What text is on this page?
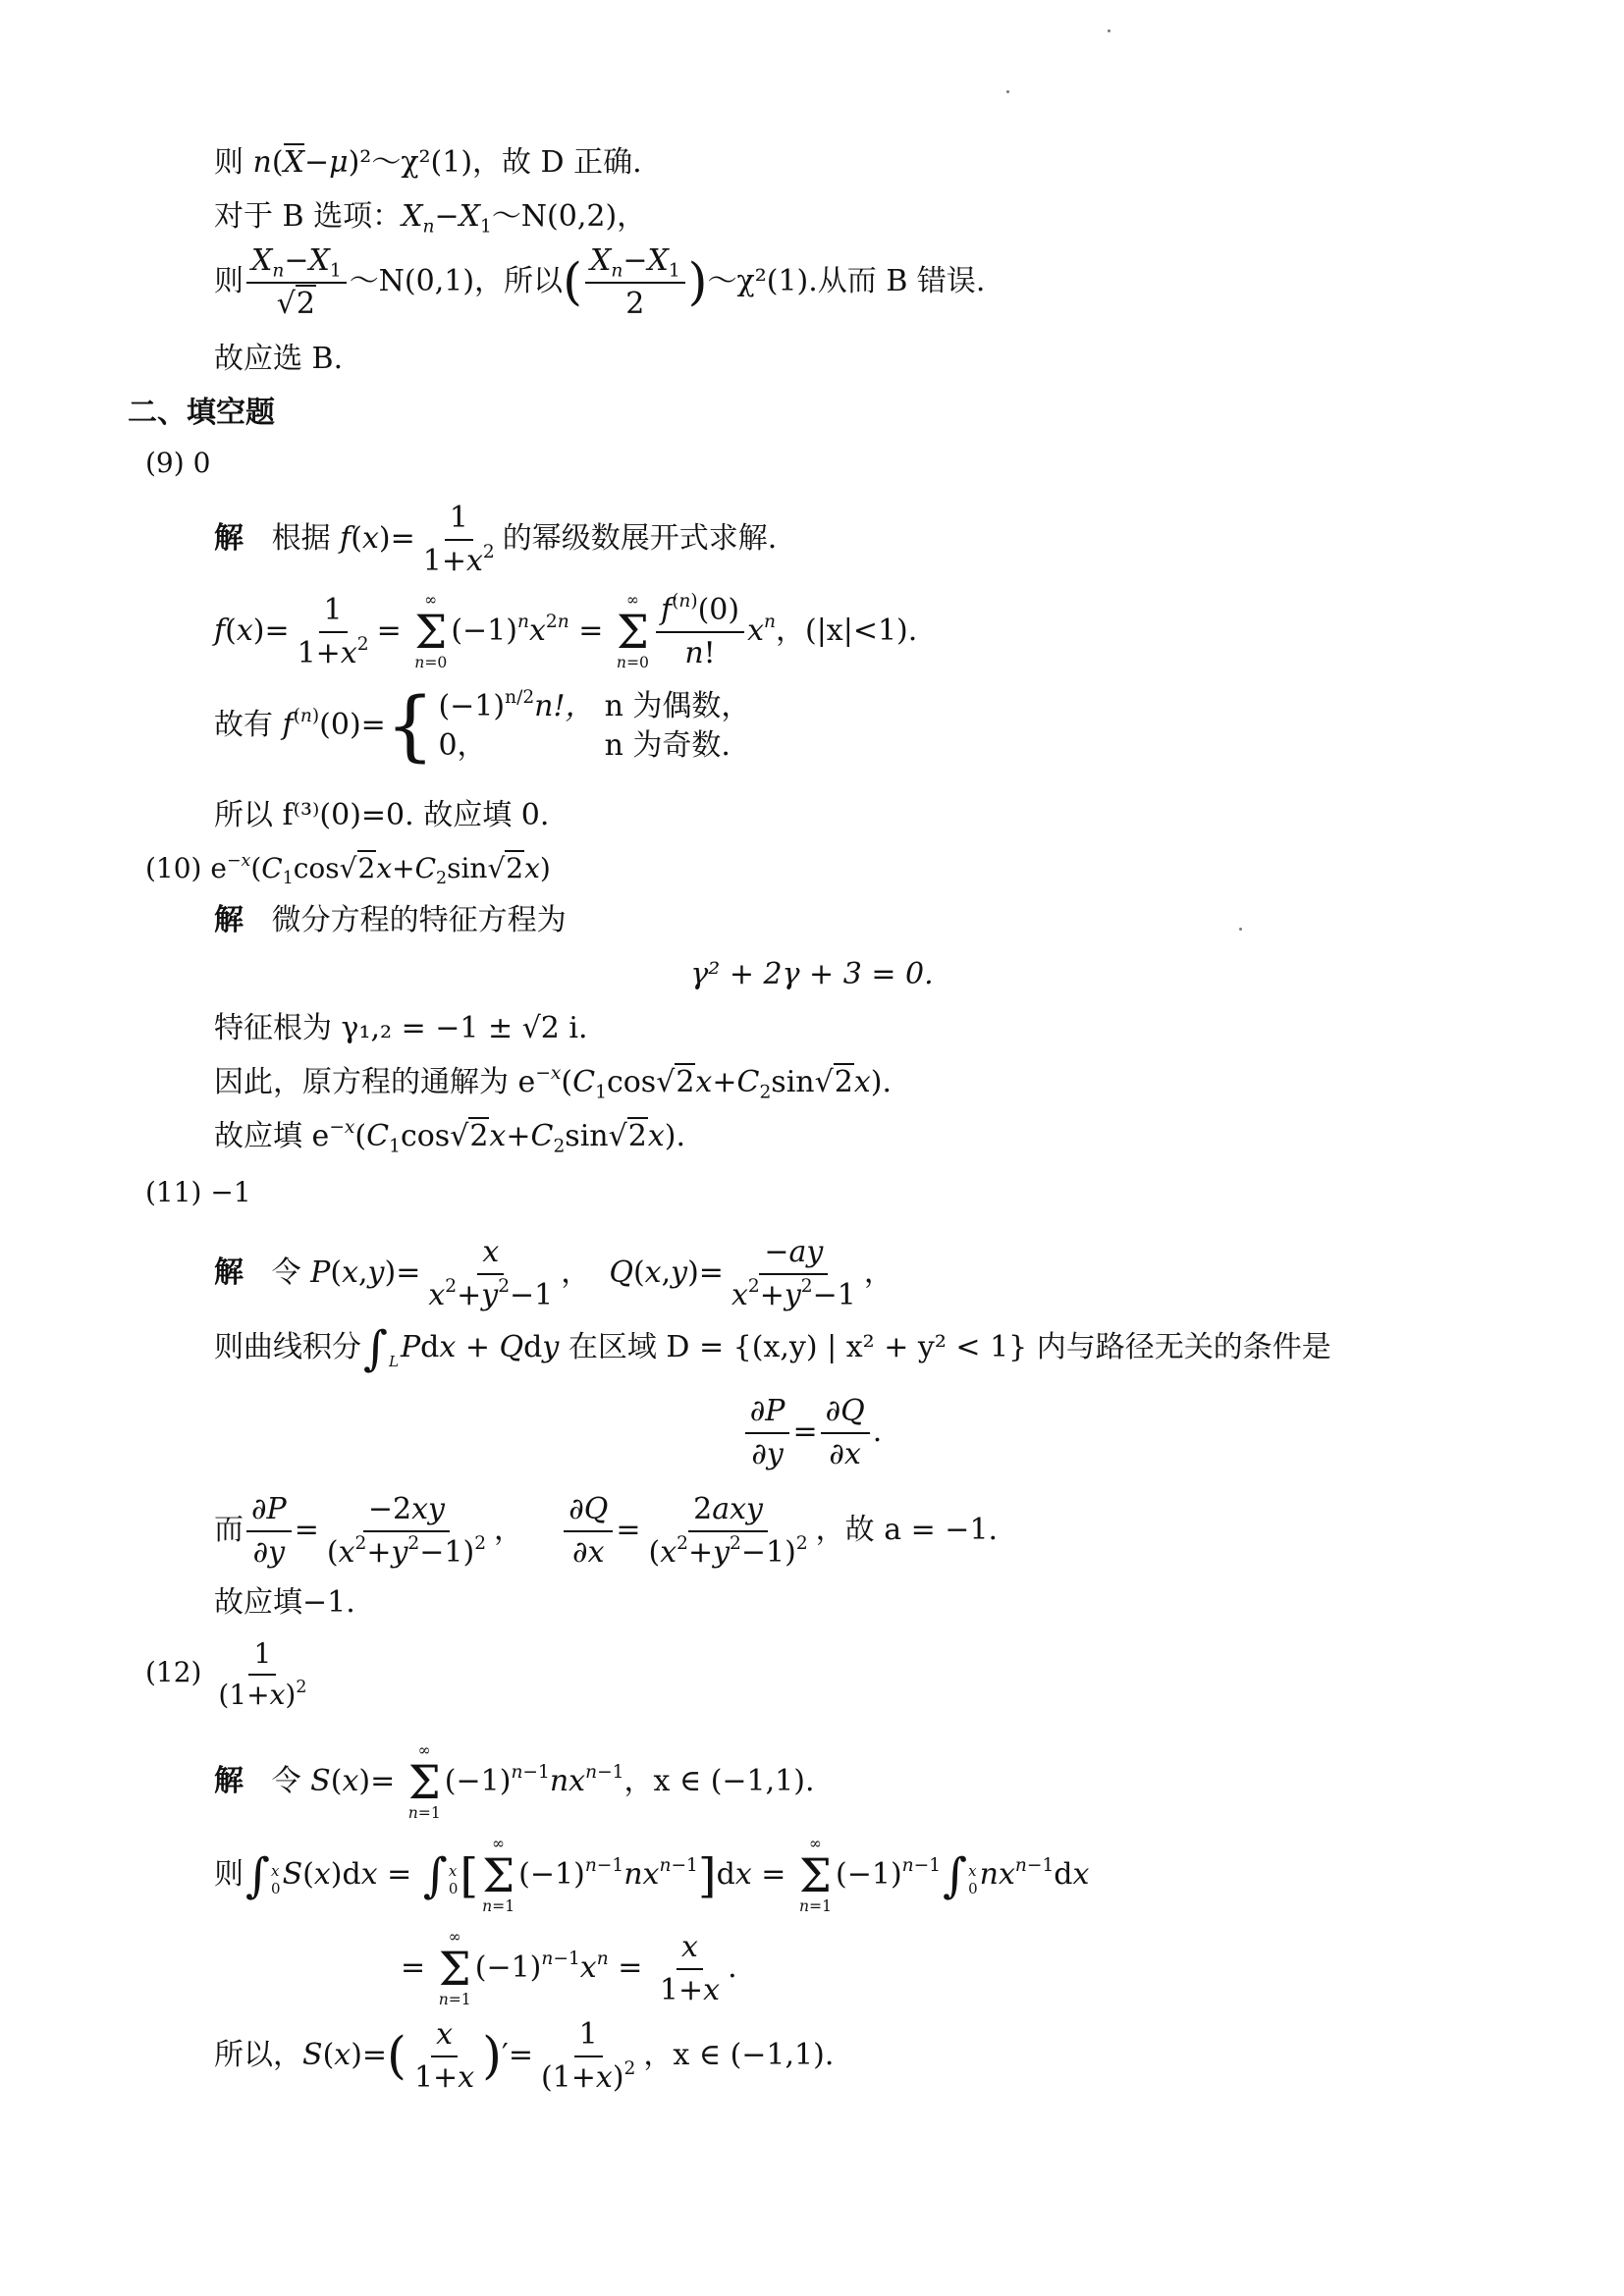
则 n(X−μ)²～χ²(1)，故 D 正确.
对于 B 选项：$X_n-X_1\sim N(0,2)$，
则 $\frac{X_n-X_1}{√2}$ ～N(0,1)，所以( $\frac{X_n-X_1}{2}$ )～χ²(1).从而 B 错误.
故应选 B.
二、填空题
(9) 0
解 根据 $f(x)= \frac{1}{1+x^2}$ 的幂级数展开式求解.
$f(x)= \frac{1}{1+x^2}$ =
∞
Σ
n=0
$(-1)^nx^{2n}$ =
∞
Σ
$n=0 \frac{f^{(n)}(0)}{n!} x^n$，(|x|<1).
故有 $f^{(n)}(0)=$ { $(-1)^{n/2}n$!，	n 为偶数，
0，	n 为奇数.
所以 f⁽³⁾(0)=0. 故应填 0.
(10) $e^{-x}(C_1\cos√2x+C_2\sin√2x)$
解 微分方程的特征方程为
γ² + 2γ + 3 = 0.
特征根为 γ₁,₂ = −1 ± √2 i.
因此，原方程的通解为 $e^{-x}(C_1\cos√2x+C_2\sin√2x)$.
故应填 $e^{-x}(C_1\cos√2x+C_2\sin√2x)$.
(11) −1
解 令 $P(x,y)= \frac{x}{x^2+y^2-1}$ ，  $Q(x,y)= \frac{-ay}{x^2+y^2-1}$ ，
则曲线积分 ∫
L Pdx + Qdy 在区域 D = {(x,y) | x² + y² < 1} 内与路径无关的条件是
$\frac{\partial P}{\partial y} = \frac{\partial Q}{\partial x}$ .
而 $\frac{\partial P}{\partial y} = \frac{-2xy}{(x^2+y^2-1)^2}$ ， $\frac{\partial Q}{\partial x} = \frac{\text{2axy}}{(x^2+y^2-1)^2}$ ，故 a = −1.
故应填−1.
$(12) \frac{1}{(1+x)^2}$
解 令 S(x)=
∞
Σ
n=1
$(-1)^{n-1}nx^{n-1}$，x ∈ (−1,1).
则 ∫ x
0 S(x)dx = ∫ x
0 [
∞
Σ
n=1
$(-1)^{n-1}nx^{n-1}]dx$ =
∞
Σ
n=1
$(-1)^{n-1}$ ∫ x
0 $nx^{n-1}dx$
=
∞
Σ
n=1
$(-1)^{n-1}x^n = \frac{x}{1+x}$ .
所以，$S(x)=( \frac{x}{1+x}$ )′= $\frac{1}{(1+x)^2}$ ，x ∈ (−1,1).
